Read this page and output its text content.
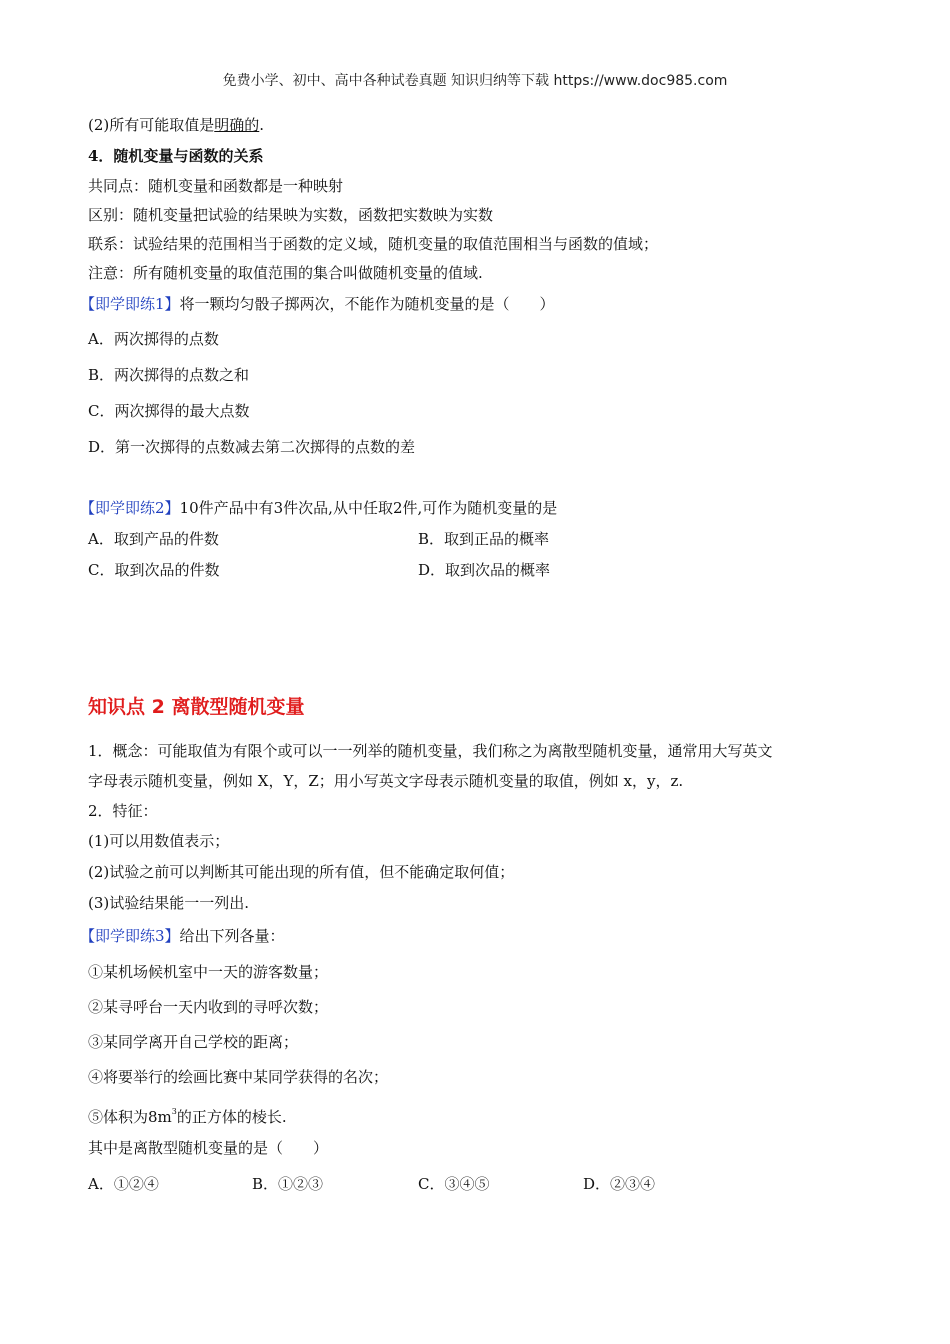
免费小学、初中、高中各种试卷真题 知识归纳等下载 https://www.doc985.com
(2)所有可能取值是明确的.
4．随机变量与函数的关系
共同点：随机变量和函数都是一种映射
区别：随机变量把试验的结果映为实数，函数把实数映为实数
联系：试验结果的范围相当于函数的定义域，随机变量的取值范围相当与函数的值域；
注意：所有随机变量的取值范围的集合叫做随机变量的值域.
【即学即练1】将一颗均匀骰子掷两次，不能作为随机变量的是（　　）
A．两次掷得的点数
B．两次掷得的点数之和
C．两次掷得的最大点数
D．第一次掷得的点数减去第二次掷得的点数的差
【即学即练2】10件产品中有3件次品,从中任取2件,可作为随机变量的是
A．取到产品的件数	B．取到正品的概率
C．取到次品的件数	D．取到次品的概率
知识点 2 离散型随机变量
1．概念：可能取值为有限个或可以一一列举的随机变量，我们称之为离散型随机变量，通常用大写英文
字母表示随机变量，例如 X，Y，Z；用小写英文字母表示随机变量的取值，例如 x，y，z.
2．特征：
(1)可以用数值表示；
(2)试验之前可以判断其可能出现的所有值，但不能确定取何值；
(3)试验结果能一一列出.
【即学即练3】给出下列各量：
①某机场候机室中一天的游客数量；
②某寻呼台一天内收到的寻呼次数；
③某同学离开自己学校的距离；
④将要举行的绘画比赛中某同学获得的名次；
⑤体积为$8m^3$的正方体的棱长.
其中是离散型随机变量的是（　　）
A．①②④	B．①②③	C．③④⑤	D．②③④
